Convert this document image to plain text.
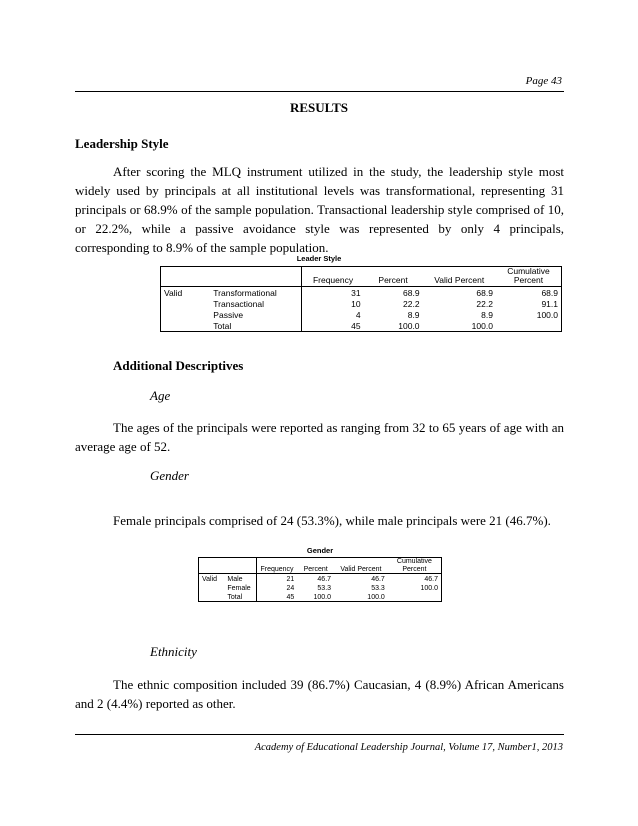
Page 43
RESULTS
Leadership Style

After scoring the MLQ instrument utilized in the study, the leadership style most widely used by principals at all institutional levels was transformational, representing 31 principals or 68.9% of the sample population. Transactional leadership style comprised of 10, or 22.2%, while a passive avoidance style was represented by only 4 principals, corresponding to 8.9% of the sample population.

Leader Style
		Frequency	Percent	Valid Percent	Cumulative
Percent
Valid	Transformational	31	68.9	68.9	68.9
	Transactional	10	22.2	22.2	91.1
	Passive	4	8.9	8.9	100.0
	Total	45	100.0	100.0	
Additional Descriptives
Age

The ages of the principals were reported as ranging from 32 to 65 years of age with an average age of 52.

Gender

Female principals comprised of 24 (53.3%), while male principals were 21 (46.7%).

Gender
		Frequency	Percent	Valid Percent	Cumulative
Percent
Valid	Male	21	46.7	46.7	46.7
	Female	24	53.3	53.3	100.0
	Total	45	100.0	100.0	
Ethnicity

The ethnic composition included 39 (86.7%) Caucasian, 4 (8.9%) African Americans and 2 (4.4%) reported as other.

Academy of Educational Leadership Journal, Volume 17, Number1, 2013
